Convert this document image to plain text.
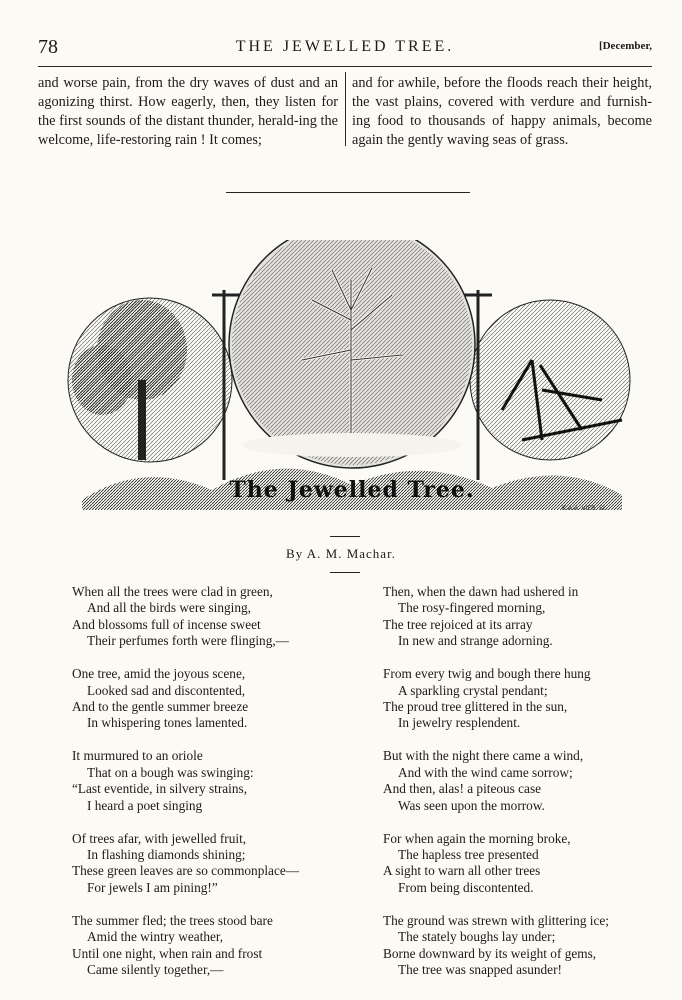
78	THE JEWELLED TREE.	[December,
and worse pain, from the dry waves of dust and an agonizing thirst. How eagerly, then, they listen for the first sounds of the distant thunder, herald-ing the welcome, life-restoring rain ! It comes;
and for awhile, before the floods reach their height, the vast plains, covered with verdure and furnish-ing food to thousands of happy animals, become again the gently waving seas of grass.
The Jewelled Tree.
K.A.A. VIER. Sc.
By A. M. Machar.
When all the trees were clad in green,
And all the birds were singing,
And blossoms full of incense sweet
Their perfumes forth were flinging,—
One tree, amid the joyous scene,
Looked sad and discontented,
And to the gentle summer breeze
In whispering tones lamented.
It murmured to an oriole
That on a bough was swinging:
“Last eventide, in silvery strains,
I heard a poet singing
Of trees afar, with jewelled fruit,
In flashing diamonds shining;
These green leaves are so commonplace—
For jewels I am pining!”
The summer fled; the trees stood bare
Amid the wintry weather,
Until one night, when rain and frost
Came silently together,—
Then, when the dawn had ushered in
The rosy-fingered morning,
The tree rejoiced at its array
In new and strange adorning.
From every twig and bough there hung
A sparkling crystal pendant;
The proud tree glittered in the sun,
In jewelry resplendent.
But with the night there came a wind,
And with the wind came sorrow;
And then, alas! a piteous case
Was seen upon the morrow.
For when again the morning broke,
The hapless tree presented
A sight to warn all other trees
From being discontented.
The ground was strewn with glittering ice;
The stately boughs lay under;
Borne downward by its weight of gems,
The tree was snapped asunder!
